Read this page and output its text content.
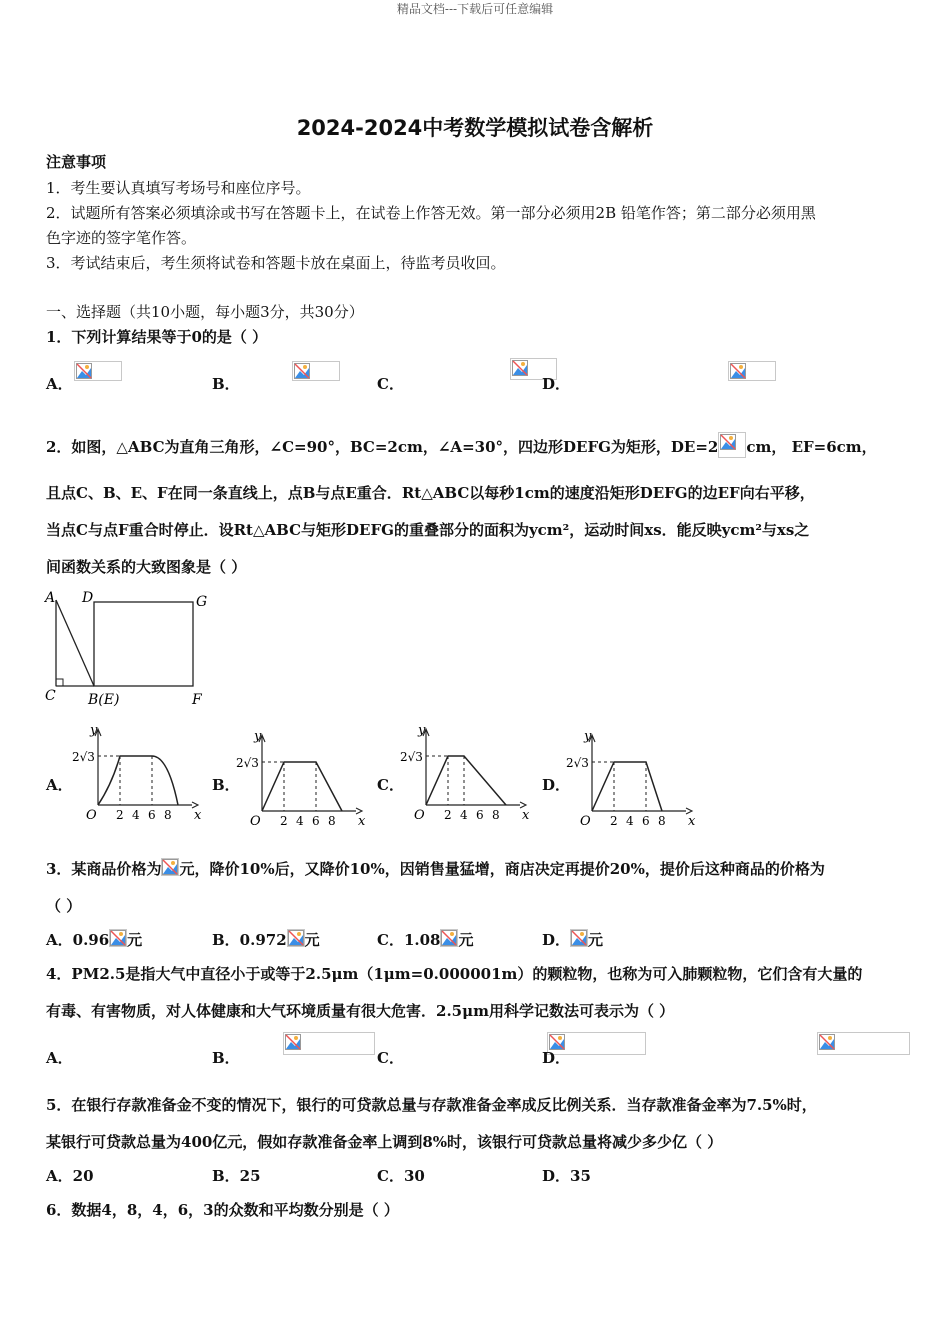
精品文档---下载后可任意编辑
2024-2024中考数学模拟试卷含解析
注意事项
1．考生要认真填写考场号和座位序号。
2．试题所有答案必须填涂或书写在答题卡上，在试卷上作答无效。第一部分必须用2B 铅笔作答；第二部分必须用黑
色字迹的签字笔作答。
3．考试结束后，考生须将试卷和答题卡放在桌面上，待监考员收回。
一、选择题（共10小题，每小题3分，共30分）
1．下列计算结果等于0的是（ ）
A．
	B．
	C．
	D．

2．如图，△ABC为直角三角形，∠C=90°，BC=2cm，∠A=30°，四边形DEFG为矩形，DE=2 cm， EF=6cm，
且点C、B、E、F在同一条直线上，点B与点E重合．Rt△ABC以每秒1cm的速度沿矩形DEFG的边EF向右平移，
当点C与点F重合时停止．设Rt△ABC与矩形DEFG的重叠部分的面积为ycm²，运动时间xs．能反映ycm²与xs之
间函数关系的大致图象是（ ）
A D	G
C B(E)	F
A．	B．	C．	D．
2√3
y
O	x
2 4 6 8
2√3
y
O	x
2 4 6 8
2√3
y
O	x
2 4 6 8
2√3
y
O	x
2 4 6 8
3．某商品价格为 元，降价10%后，又降价10%，因销售量猛增，商店决定再提价20%，提价后这种商品的价格为
（ ）
A．0.96 元	B．0.972 元	C．1.08 元	D． 元
4．PM2.5是指大气中直径小于或等于2.5μm（1μm=0.000001m）的颗粒物，也称为可入肺颗粒物，它们含有大量的
有毒、有害物质，对人体健康和大气环境质量有很大危害．2.5μm用科学记数法可表示为（ ）
A．
	B．
	C．
	D．
5．在银行存款准备金不变的情况下，银行的可贷款总量与存款准备金率成反比例关系．当存款准备金率为7.5%时，
某银行可贷款总量为400亿元，假如存款准备金率上调到8%时，该银行可贷款总量将减少多少亿（ ）
A．20	B．25	C．30	D．35
6．数据4，8，4，6，3的众数和平均数分别是（ ）
